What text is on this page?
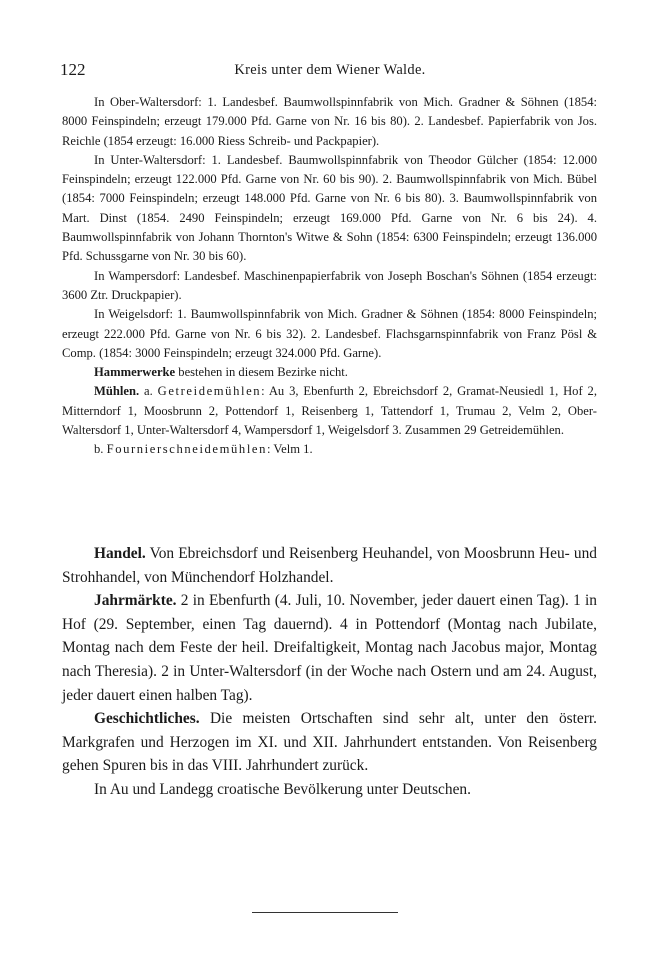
122	Kreis unter dem Wiener Walde.

In Ober-Waltersdorf: 1. Landesbef. Baumwollspinnfabrik von Mich. Gradner & Söhnen (1854: 8000 Feinspindeln; erzeugt 179.000 Pfd. Garne von Nr. 16 bis 80). 2. Landesbef. Papierfabrik von Jos. Reichle (1854 erzeugt: 16.000 Riess Schreib- und Packpapier).

In Unter-Waltersdorf: 1. Landesbef. Baumwollspinnfabrik von Theodor Gülcher (1854: 12.000 Feinspindeln; erzeugt 122.000 Pfd. Garne von Nr. 60 bis 90). 2. Baumwollspinnfabrik von Mich. Bübel (1854: 7000 Feinspindeln; erzeugt 148.000 Pfd. Garne von Nr. 6 bis 80). 3. Baumwollspinnfabrik von Mart. Dinst (1854. 2490 Feinspindeln; erzeugt 169.000 Pfd. Garne von Nr. 6 bis 24). 4. Baumwollspinnfabrik von Johann Thornton's Witwe & Sohn (1854: 6300 Feinspindeln; erzeugt 136.000 Pfd. Schussgarne von Nr. 30 bis 60).

In Wampersdorf: Landesbef. Maschinenpapierfabrik von Joseph Boschan's Söhnen (1854 erzeugt: 3600 Ztr. Druckpapier).

In Weigelsdorf: 1. Baumwollspinnfabrik von Mich. Gradner & Söhnen (1854: 8000 Feinspindeln; erzeugt 222.000 Pfd. Garne von Nr. 6 bis 32). 2. Landesbef. Flachsgarnspinnfabrik von Franz Pösl & Comp. (1854: 3000 Feinspindeln; erzeugt 324.000 Pfd. Garne).

Hammerwerke bestehen in diesem Bezirke nicht.

Mühlen. a. Getreidemühlen: Au 3, Ebenfurth 2, Ebreichsdorf 2, Gramat-Neusiedl 1, Hof 2, Mitterndorf 1, Moosbrunn 2, Pottendorf 1, Reisenberg 1, Tattendorf 1, Trumau 2, Velm 2, Ober-Waltersdorf 1, Unter-Waltersdorf 4, Wampersdorf 1, Weigelsdorf 3. Zusammen 29 Getreidemühlen.

b. Fournierschneidemühlen: Velm 1.

Handel. Von Ebreichsdorf und Reisenberg Heuhandel, von Moosbrunn Heu- und Strohhandel, von Münchendorf Holzhandel.

Jahrmärkte. 2 in Ebenfurth (4. Juli, 10. November, jeder dauert einen Tag). 1 in Hof (29. September, einen Tag dauernd). 4 in Pottendorf (Montag nach Jubilate, Montag nach dem Feste der heil. Dreifaltigkeit, Montag nach Jacobus major, Montag nach Theresia). 2 in Unter-Waltersdorf (in der Woche nach Ostern und am 24. August, jeder dauert einen halben Tag).

Geschichtliches. Die meisten Ortschaften sind sehr alt, unter den österr. Markgrafen und Herzogen im XI. und XII. Jahrhundert entstanden. Von Reisenberg gehen Spuren bis in das VIII. Jahrhundert zurück.

In Au und Landegg croatische Bevölkerung unter Deutschen.
